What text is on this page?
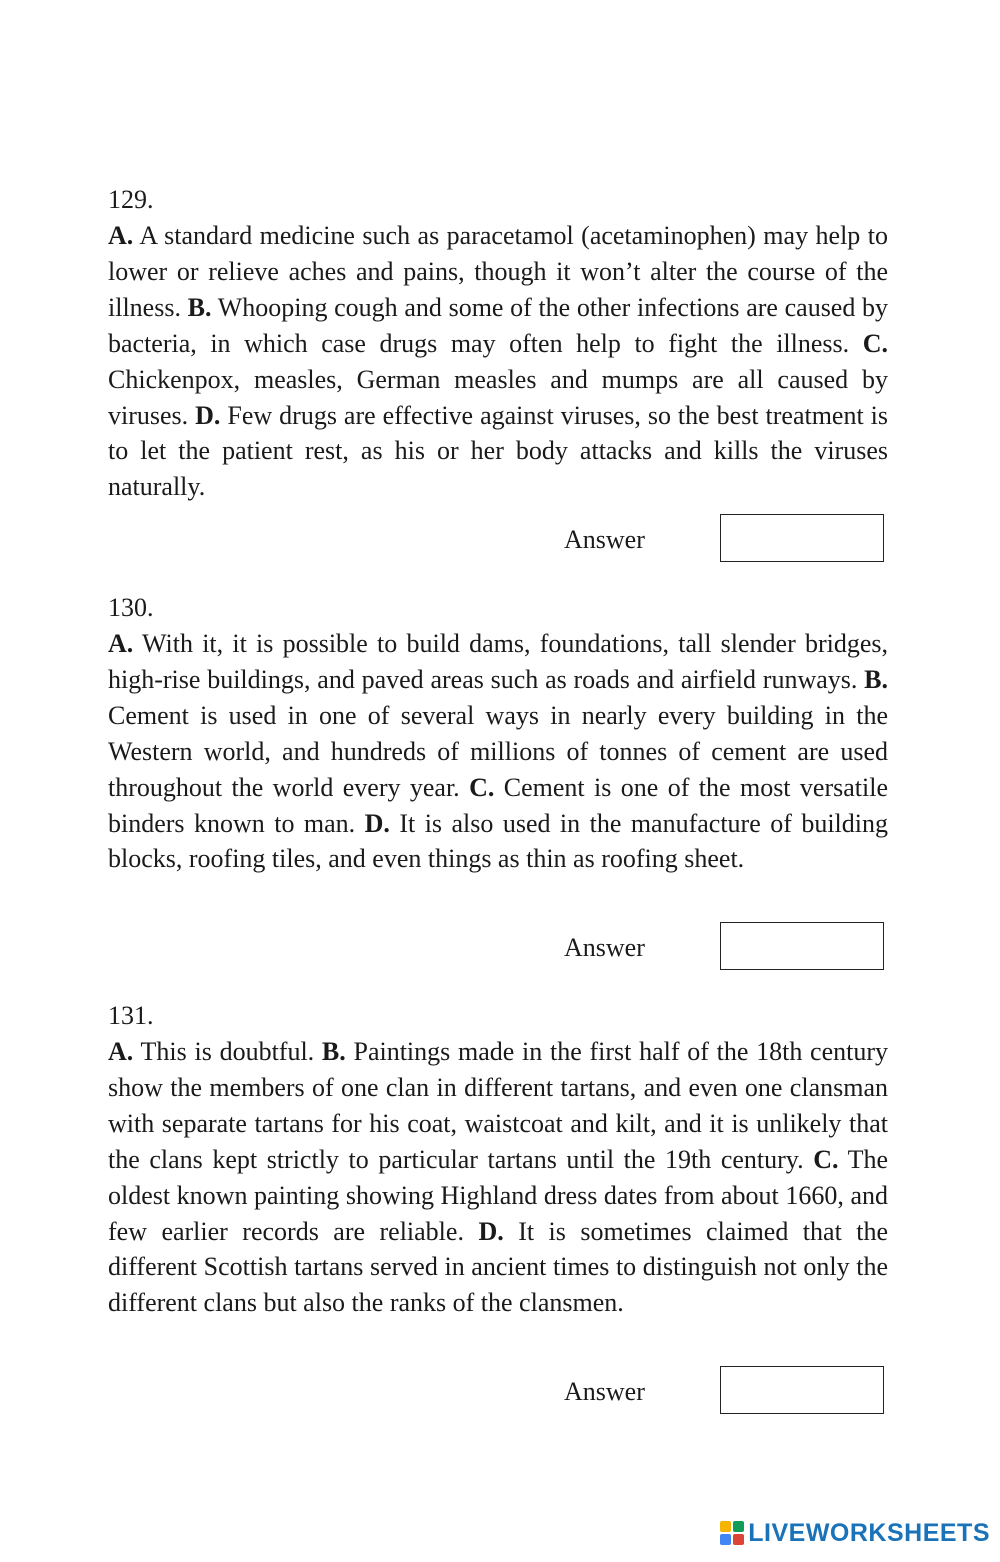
129.

A. A standard medicine such as paracetamol (acetaminophen) may help to lower or relieve aches and pains, though it won’t alter the course of the illness. B. Whooping cough and some of the other infections are caused by bacteria, in which case drugs may often help to fight the illness. C. Chickenpox, measles, German measles and mumps are all caused by viruses. D. Few drugs are effective against viruses, so the best treatment is to let the patient rest, as his or her body attacks and kills the viruses naturally.

Answer
130.

A. With it, it is possible to build dams, foundations, tall slender bridges, high-rise buildings, and paved areas such as roads and airfield runways. B. Cement is used in one of several ways in nearly every building in the Western world, and hundreds of millions of tonnes of cement are used throughout the world every year. C. Cement is one of the most versatile binders known to man. D. It is also used in the manufacture of building blocks, roofing tiles, and even things as thin as roofing sheet.

Answer
131.

A. This is doubtful. B. Paintings made in the first half of the 18th century show the members of one clan in different tartans, and even one clansman with separate tartans for his coat, waistcoat and kilt, and it is unlikely that the clans kept strictly to particular tartans until the 19th century. C. The oldest known painting showing Highland dress dates from about 1660, and few earlier records are reliable. D. It is sometimes claimed that the different Scottish tartans served in ancient times to distinguish not only the different clans but also the ranks of the clansmen.

Answer
LIVEWORKSHEETS
